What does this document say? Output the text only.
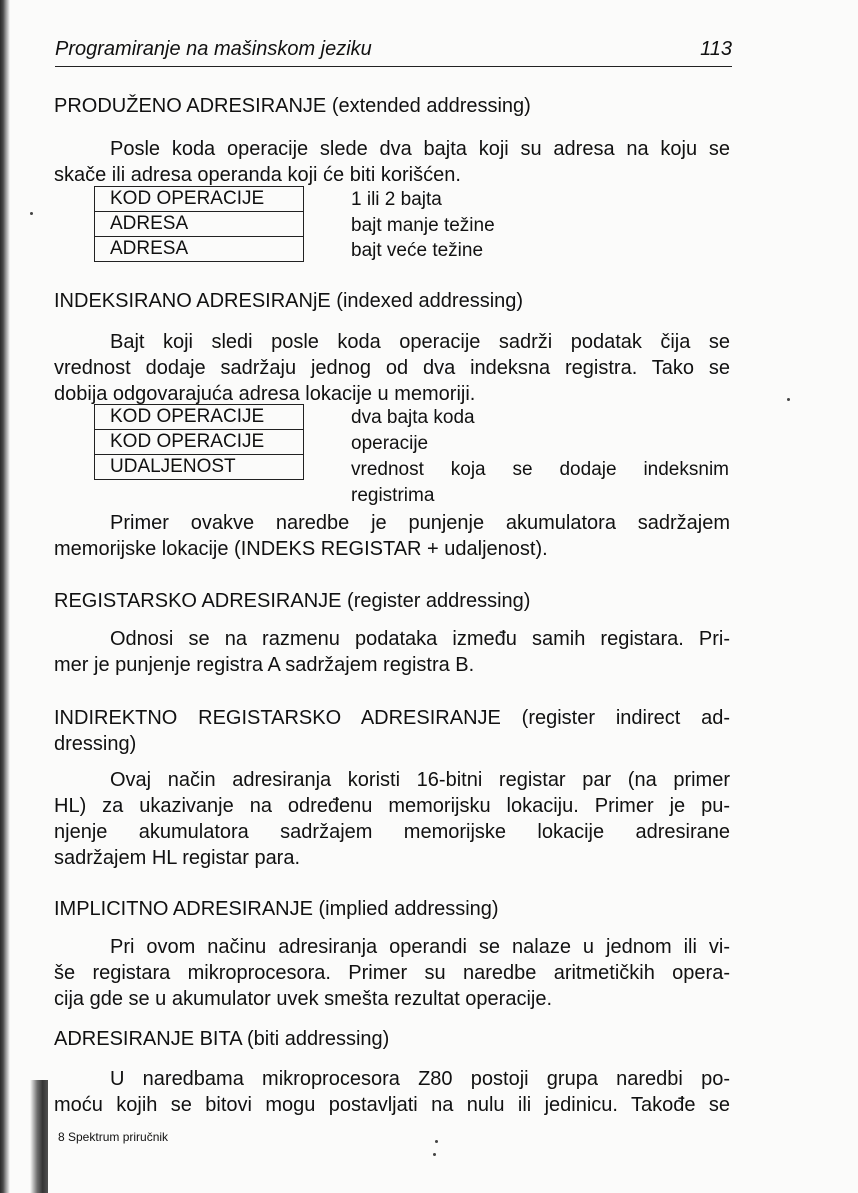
Programiranje na mašinskom jeziku	113
PRODUŽENO ADRESIRANJE (extended addressing)
Posle koda operacije slede dva bajta koji su adresa na koju se
skače ili adresa operanda koji će biti korišćen.
KOD OPERACIJE
ADRESA
ADRESA
1 ili 2 bajta
bajt manje težine
bajt veće težine
INDEKSIRANO ADRESIRANjE (indexed addressing)
Bajt koji sledi posle koda operacije sadrži podatak čija se
vrednost dodaje sadržaju jednog od dva indeksna registra. Tako se
dobija odgovarajuća adresa lokacije u memoriji.
KOD OPERACIJE
KOD OPERACIJE
UDALJENOST
dva bajta koda
operacije
vrednost koja se dodaje indeksnim
registrima
Primer ovakve naredbe je punjenje akumulatora sadržajem
memorijske lokacije (INDEKS REGISTAR + udaljenost).
REGISTARSKO ADRESIRANJE (register addressing)
Odnosi se na razmenu podataka između samih registara. Pri-
mer je punjenje registra A sadržajem registra B.
INDIREKTNO REGISTARSKO ADRESIRANJE (register indirect ad-
dressing)
Ovaj način adresiranja koristi 16-bitni registar par (na primer
HL) za ukazivanje na određenu memorijsku lokaciju. Primer je pu-
njenje akumulatora sadržajem memorijske lokacije adresirane
sadržajem HL registar para.
IMPLICITNO ADRESIRANJE (implied addressing)
Pri ovom načinu adresiranja operandi se nalaze u jednom ili vi-
še registara mikroprocesora. Primer su naredbe aritmetičkih opera-
cija gde se u akumulator uvek smešta rezultat operacije.
ADRESIRANJE BITA (biti addressing)
U naredbama mikroprocesora Z80 postoji grupa naredbi po-
moću kojih se bitovi mogu postavljati na nulu ili jedinicu. Takođe se
8 Spektrum priručnik
